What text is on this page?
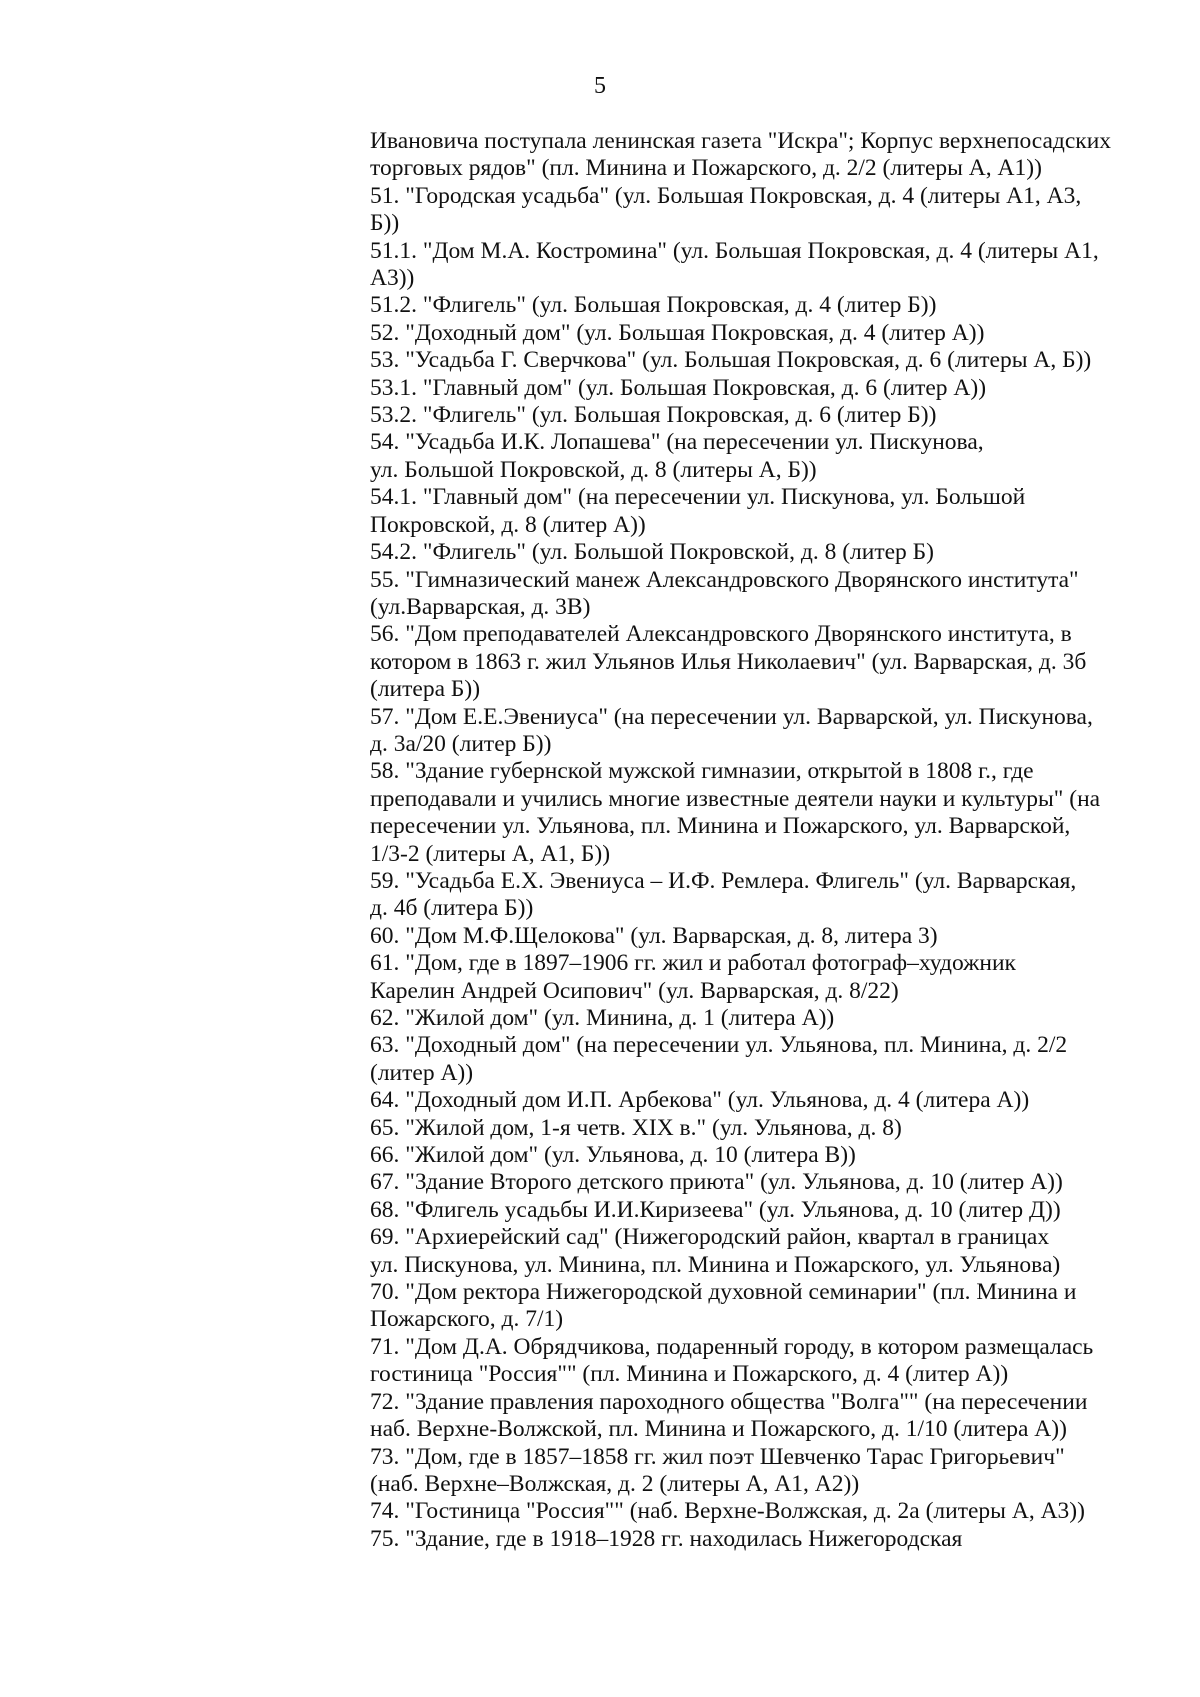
5
Ивановича поступала ленинская газета "Искра"; Корпус верхнепосадских
торговых рядов" (пл. Минина и Пожарского, д. 2/2 (литеры А, А1))
51. "Городская усадьба" (ул. Большая Покровская, д. 4 (литеры А1, А3,
Б))
51.1. "Дом М.А. Костромина" (ул. Большая Покровская, д. 4 (литеры А1,
А3))
51.2. "Флигель" (ул. Большая Покровская, д. 4 (литер Б))
52. "Доходный дом" (ул. Большая Покровская, д. 4 (литер А))
53. "Усадьба Г. Сверчкова" (ул. Большая Покровская, д. 6 (литеры А, Б))
53.1. "Главный дом" (ул. Большая Покровская, д. 6 (литер А))
53.2. "Флигель" (ул. Большая Покровская, д. 6 (литер Б))
54. "Усадьба И.К. Лопашева" (на пересечении ул. Пискунова,
ул. Большой Покровской, д. 8 (литеры А, Б))
54.1. "Главный дом" (на пересечении ул. Пискунова, ул. Большой
Покровской, д. 8 (литер А))
54.2. "Флигель" (ул. Большой Покровской, д. 8 (литер Б)
55. "Гимназический манеж Александровского Дворянского института"
(ул.Варварская, д. 3В)
56. "Дом преподавателей Александровского Дворянского института, в
котором в 1863 г. жил Ульянов Илья Николаевич" (ул. Варварская, д. 3б
(литера Б))
57. "Дом Е.Е.Эвениуса" (на пересечении ул. Варварской, ул. Пискунова,
д. 3а/20 (литер Б))
58. "Здание губернской мужской гимназии, открытой в 1808 г., где
преподавали и учились многие известные деятели науки и культуры" (на
пересечении ул. Ульянова, пл. Минина и Пожарского, ул. Варварской,
1/3-2 (литеры А, А1, Б))
59. "Усадьба Е.Х. Эвениуса – И.Ф. Ремлера. Флигель" (ул. Варварская,
д. 4б (литера Б))
60. "Дом М.Ф.Щелокова" (ул. Варварская, д. 8, литера 3)
61. "Дом, где в 1897–1906 гг. жил и работал фотограф–художник
Карелин Андрей Осипович" (ул. Варварская, д. 8/22)
62. "Жилой дом" (ул. Минина, д. 1 (литера А))
63. "Доходный дом" (на пересечении ул. Ульянова, пл. Минина, д. 2/2
(литер А))
64. "Доходный дом И.П. Арбекова" (ул. Ульянова, д. 4 (литера А))
65. "Жилой дом, 1-я четв. XIX в." (ул. Ульянова, д. 8)
66. "Жилой дом" (ул. Ульянова, д. 10 (литера В))
67. "Здание Второго детского приюта" (ул. Ульянова, д. 10 (литер А))
68. "Флигель усадьбы И.И.Киризеева" (ул. Ульянова, д. 10 (литер Д))
69. "Архиерейский сад" (Нижегородский район, квартал в границах
ул. Пискунова, ул. Минина, пл. Минина и Пожарского, ул. Ульянова)
70. "Дом ректора Нижегородской духовной семинарии" (пл. Минина и
Пожарского, д. 7/1)
71. "Дом Д.А. Обрядчикова, подаренный городу, в котором размещалась
гостиница "Россия"" (пл. Минина и Пожарского, д. 4 (литер А))
72. "Здание правления пароходного общества "Волга"" (на пересечении
наб. Верхне-Волжской, пл. Минина и Пожарского, д. 1/10 (литера А))
73. "Дом, где в 1857–1858 гг. жил поэт Шевченко Тарас Григорьевич"
(наб. Верхне–Волжская, д. 2 (литеры А, А1, А2))
74. "Гостиница "Россия"" (наб. Верхне-Волжская, д. 2а (литеры А, А3))
75. "Здание, где в 1918–1928 гг. находилась Нижегородская
